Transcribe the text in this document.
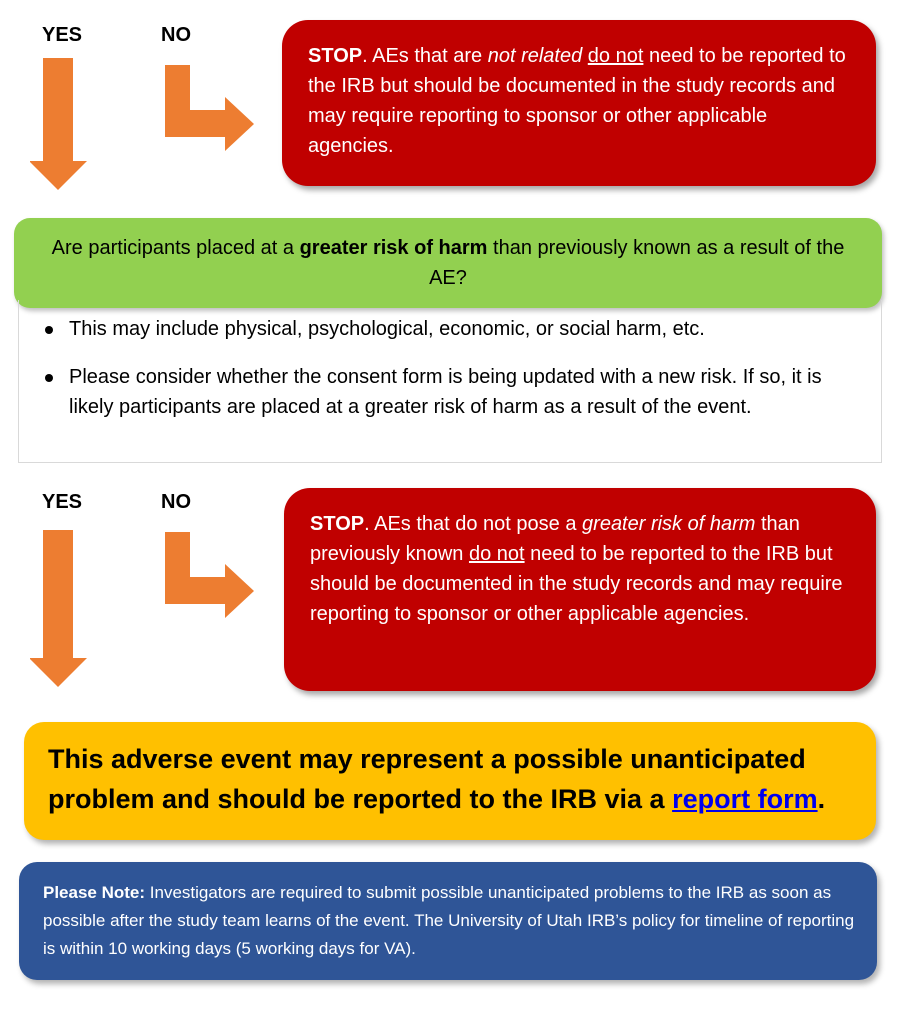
YES	NO
STOP. AEs that are not related do not need to be reported to the IRB but should be documented in the study records and may require reporting to sponsor or other applicable agencies.
Are participants placed at a greater risk of harm than previously known as a result of the AE?
This may include physical, psychological, economic, or social harm, etc.
Please consider whether the consent form is being updated with a new risk. If so, it is likely participants are placed at a greater risk of harm as a result of the event.
YES	NO
STOP. AEs that do not pose a greater risk of harm than previously known do not need to be reported to the IRB but should be documented in the study records and may require reporting to sponsor or other applicable agencies.
This adverse event may represent a possible unanticipated problem and should be reported to the IRB via a report form.
Please Note: Investigators are required to submit possible unanticipated problems to the IRB as soon as possible after the study team learns of the event. The University of Utah IRB’s policy for timeline of reporting is within 10 working days (5 working days for VA).
